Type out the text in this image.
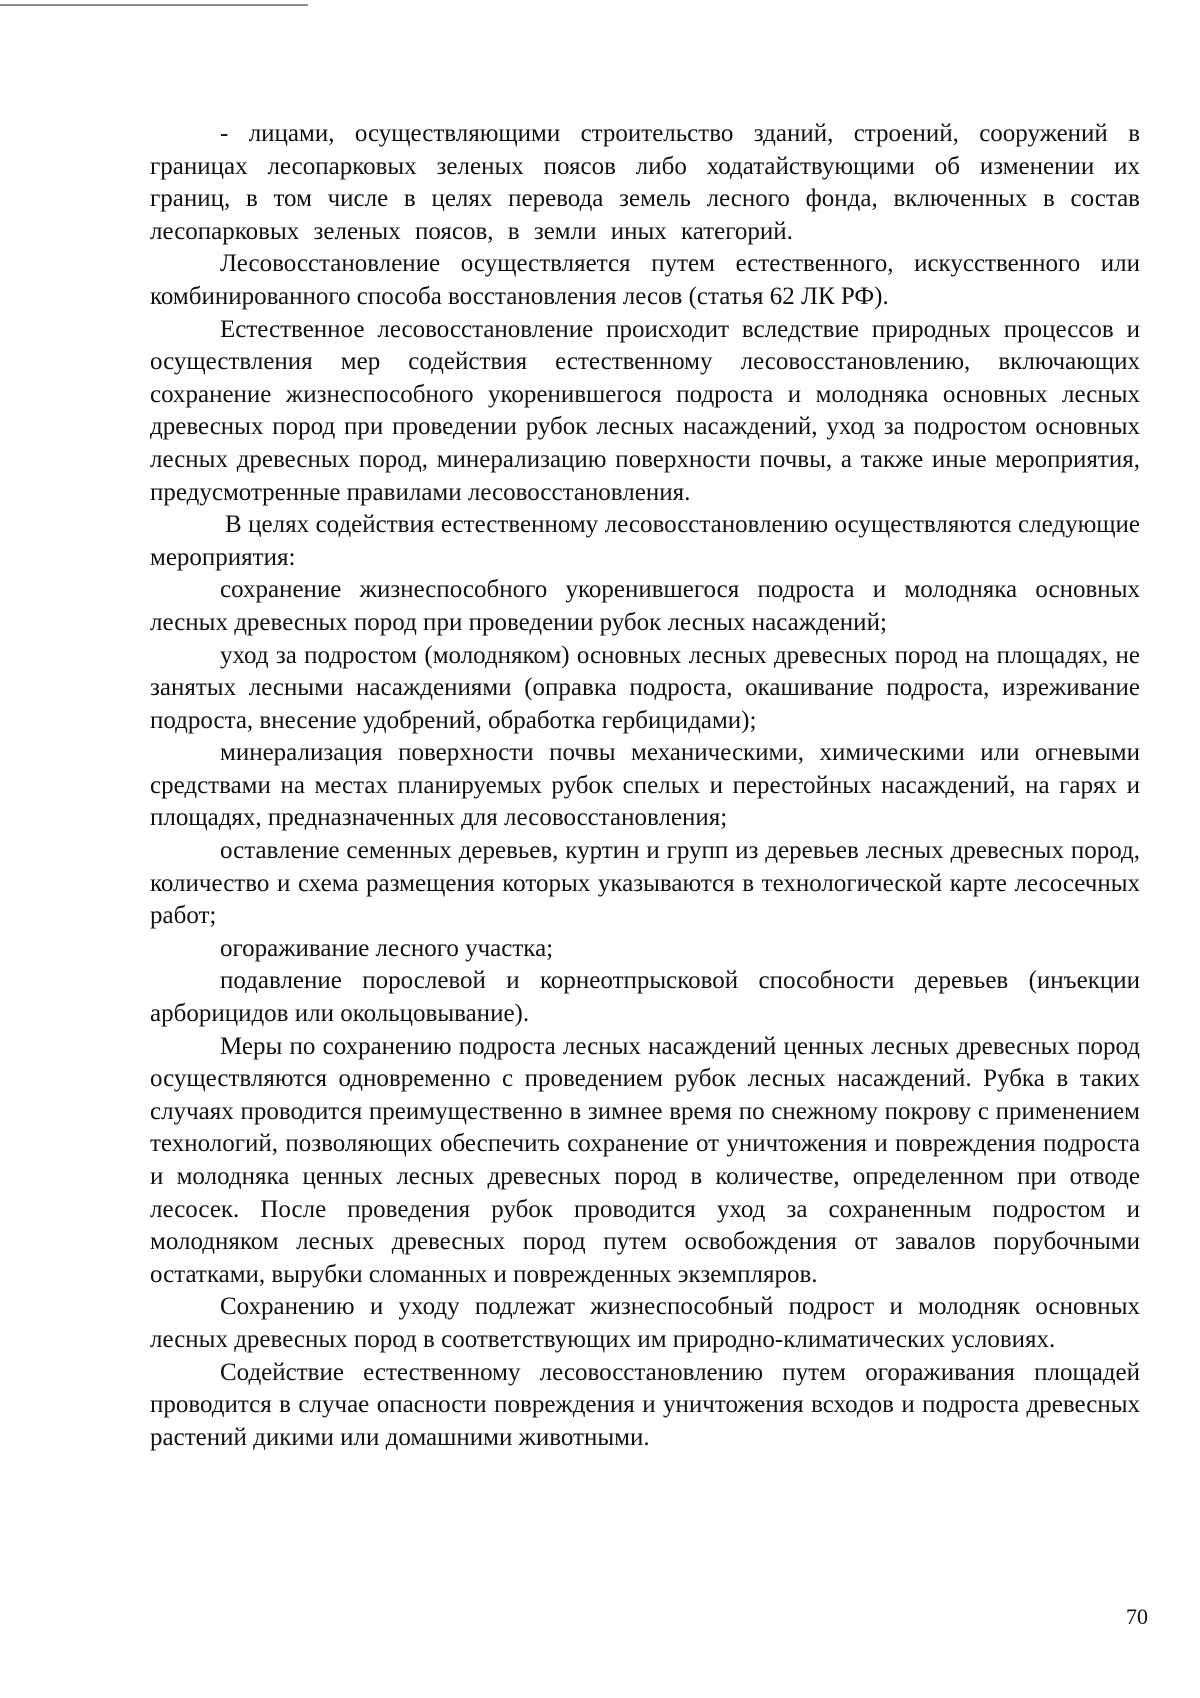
- лицами, осуществляющими строительство зданий, строений, сооружений в границах лесопарковых зеленых поясов либо ходатайствующими об изменении их границ, в том числе в целях перевода земель лесного фонда, включенных в состав лесопарковых зеленых поясов, в земли иных категорий.

Лесовосстановление осуществляется путем естественного, искусственного или комбинированного способа восстановления лесов (статья 62 ЛК РФ).

Естественное лесовосстановление происходит вследствие природных процессов и осуществления мер содействия естественному лесовосстановлению, включающих сохранение жизнеспособного укоренившегося подроста и молодняка основных лесных древесных пород при проведении рубок лесных насаждений, уход за подростом основных лесных древесных пород, минерализацию поверхности почвы, а также иные мероприятия, предусмотренные правилами лесовосстановления.

В целях содействия естественному лесовосстановлению осуществляются следующие мероприятия:

сохранение жизнеспособного укоренившегося подроста и молодняка основных лесных древесных пород при проведении рубок лесных насаждений;

уход за подростом (молодняком) основных лесных древесных пород на площадях, не занятых лесными насаждениями (оправка подроста, окашивание подроста, изреживание подроста, внесение удобрений, обработка гербицидами);

минерализация поверхности почвы механическими, химическими или огневыми средствами на местах планируемых рубок спелых и перестойных насаждений, на гарях и площадях, предназначенных для лесовосстановления;

оставление семенных деревьев, куртин и групп из деревьев лесных древесных пород, количество и схема размещения которых указываются в технологической карте лесосечных работ;

огораживание лесного участка;

подавление порослевой и корнеотпрысковой способности деревьев (инъекции арборицидов или окольцовывание).

Меры по сохранению подроста лесных насаждений ценных лесных древесных пород осуществляются одновременно с проведением рубок лесных насаждений. Рубка в таких случаях проводится преимущественно в зимнее время по снежному покрову с применением технологий, позволяющих обеспечить сохранение от уничтожения и повреждения подроста и молодняка ценных лесных древесных пород в количестве, определенном при отводе лесосек. После проведения рубок проводится уход за сохраненным подростом и молодняком лесных древесных пород путем освобождения от завалов порубочными остатками, вырубки сломанных и поврежденных экземпляров.

Сохранению и уходу подлежат жизнеспособный подрост и молодняк основных лесных древесных пород в соответствующих им природно-климатических условиях.

Содействие естественному лесовосстановлению путем огораживания площадей проводится в случае опасности повреждения и уничтожения всходов и подроста древесных растений дикими или домашними животными.

70
